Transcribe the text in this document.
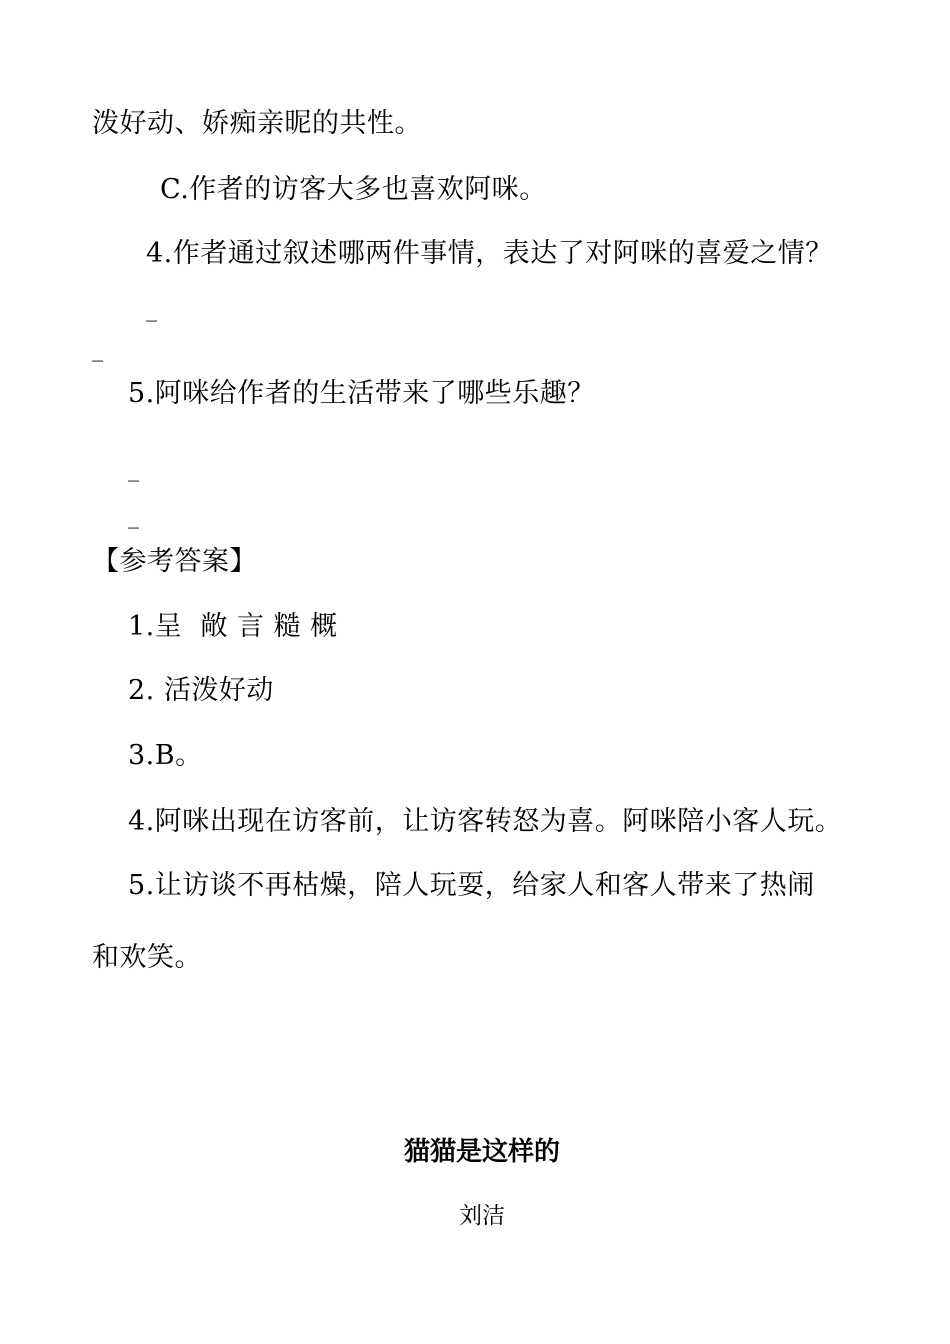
泼好动、娇痴亲昵的共性。
C.作者的访客大多也喜欢阿咪。
4.作者通过叙述哪两件事情，表达了对阿咪的喜爱之情？
_
_
5.阿咪给作者的生活带来了哪些乐趣？
_
_
【参考答案】
1.呈  敞 言 糙 概
2. 活泼好动
3.B。
4.阿咪出现在访客前，让访客转怒为喜。阿咪陪小客人玩。
5.让访谈不再枯燥，陪人玩耍，给家人和客人带来了热闹
和欢笑。
猫猫是这样的
刘洁
